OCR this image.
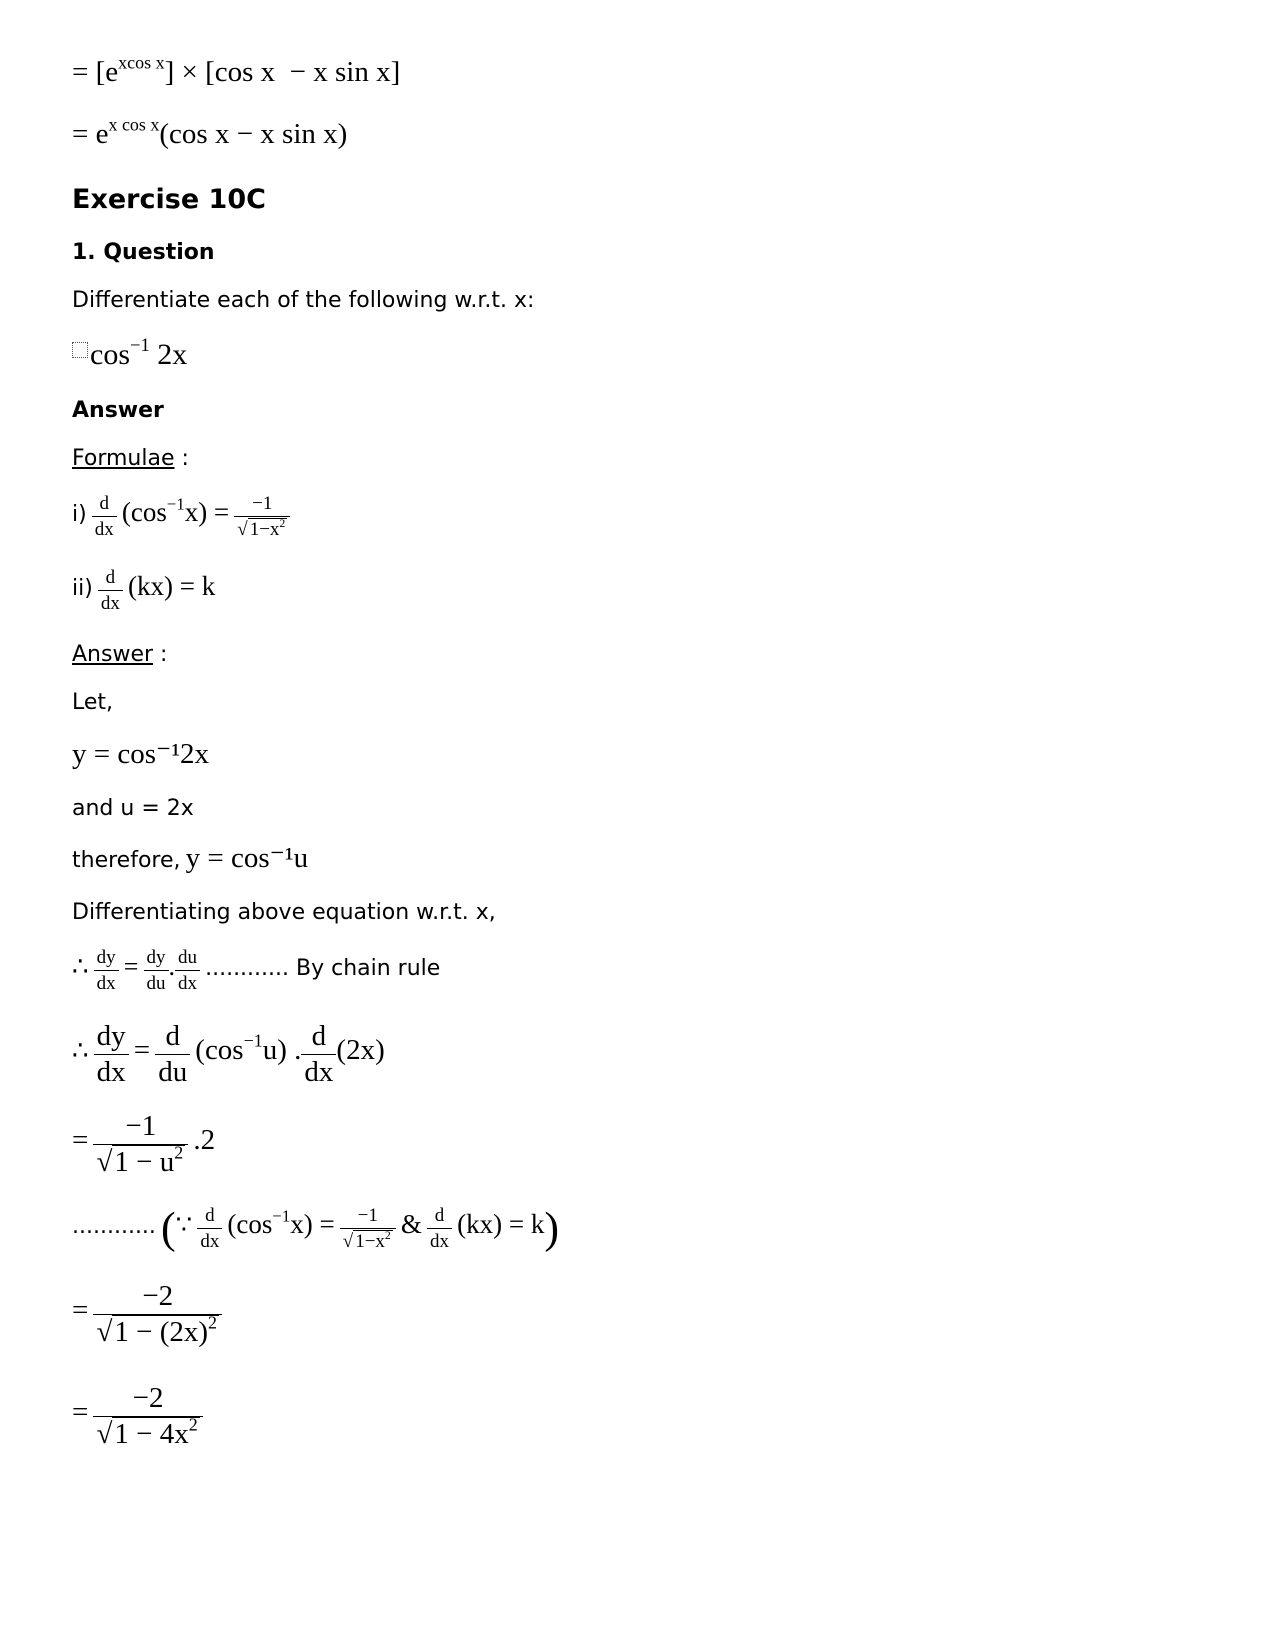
= $[e^{xcos x}] \times [\cos$ x  − x sin x]
= $e^{x cos x}(\cos$ x − x sin x)
Exercise 10C
1. Question
Differentiate each of the following w.r.t. x:
$\cos^{-1} 2x$
Answer
Formulae :
$i) \frac{d}{dx} (\cos^{-1}x) = \frac{-1}{√ 1-x^2}$
$ii) \frac{d}{dx} (kx) = k$
Answer :
Let,
y = cos⁻¹2x
and u = 2x
therefore, y = cos⁻¹u
Differentiating above equation w.r.t. x,
∴ $\frac{dy}{dx} = \frac{dy}{du}$ . $\frac{du}{dx}$ ............ By chain rule
∴ $\frac{dy}{dx} = \frac{d}{du} (\cos^{-1}u)$ . $\frac{d}{dx} (2x)$
= $\frac{-1}{√1 - u^2} .2$
............ (∵ $\frac{d}{dx} (\cos^{-1}x) = \frac{-1}{√ 1-x^2}$ & $\frac{d}{dx} (kx) = k$)
= $\frac{-2}{√1 - (2x)^2}$
= $\frac{-2}{√1 - 4x^2}$
